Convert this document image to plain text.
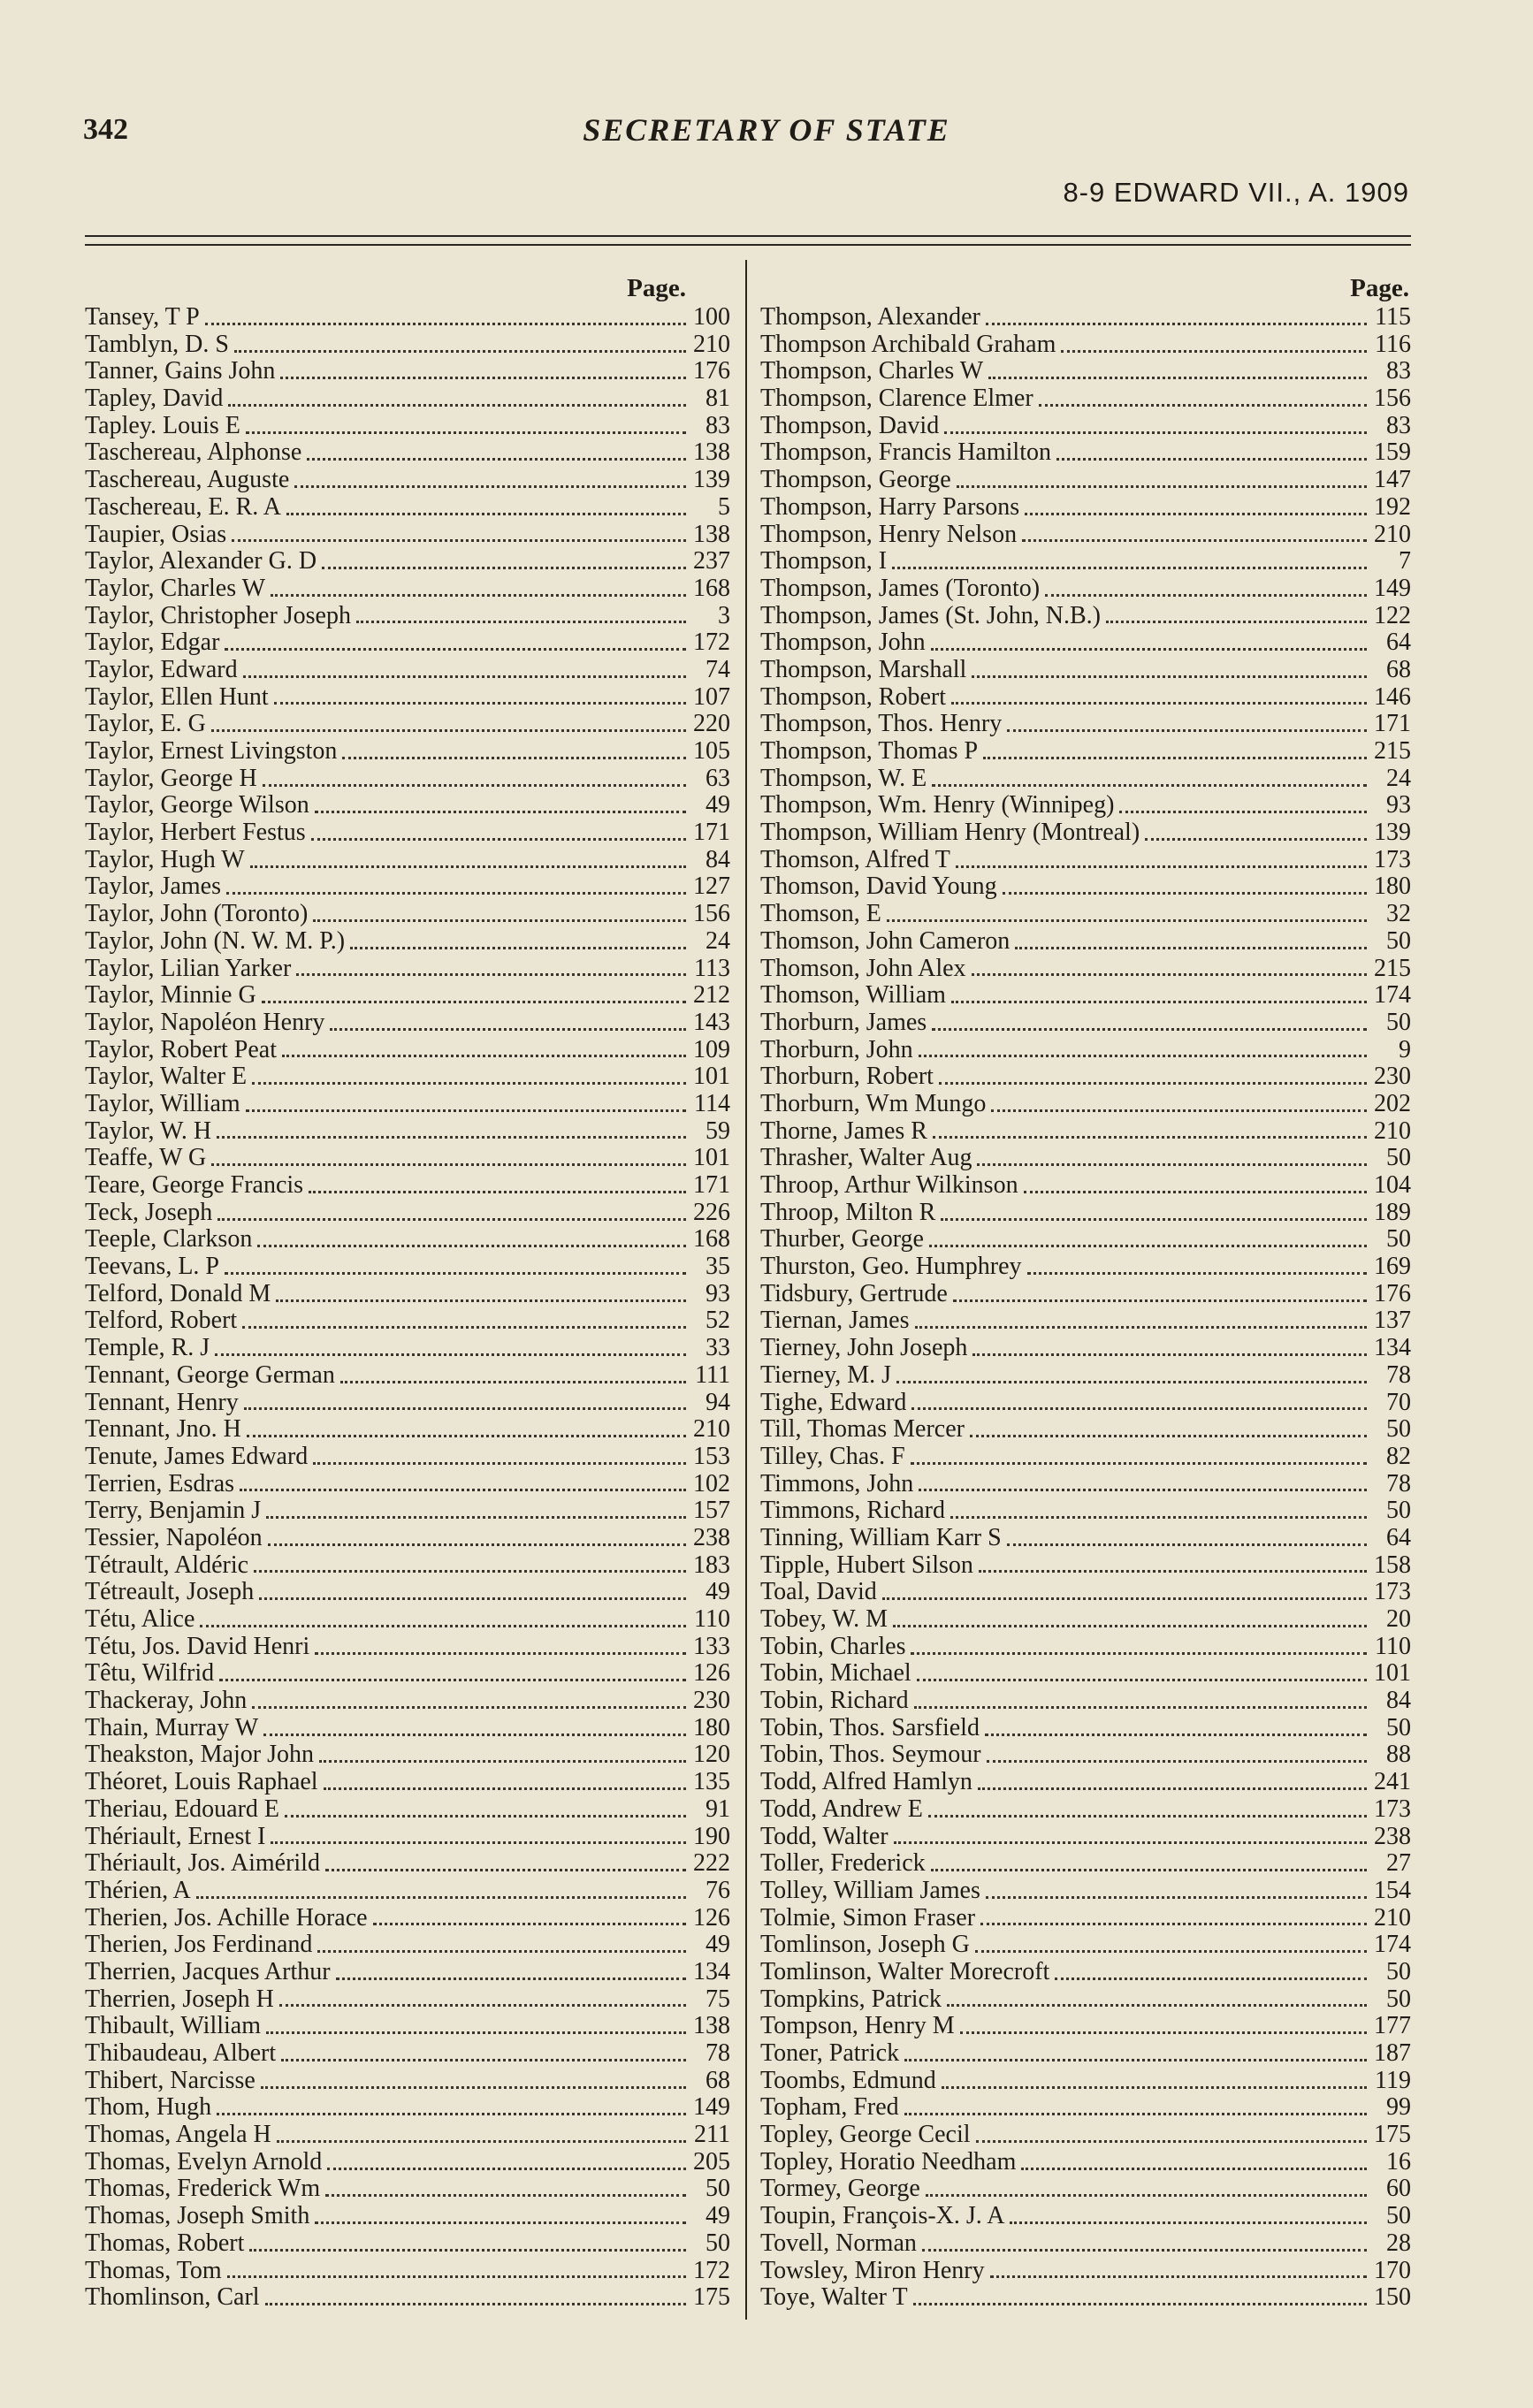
342	SECRETARY OF STATE
8-9 EDWARD VII., A. 1909
Page.
Tansey, T P	100
Tamblyn, D. S	210
Tanner, Gains John	176
Tapley, David	81
Tapley. Louis E	83
Taschereau, Alphonse	138
Taschereau, Auguste	139
Taschereau, E. R. A	5
Taupier, Osias	138
Taylor, Alexander G. D	237
Taylor, Charles W	168
Taylor, Christopher Joseph	3
Taylor, Edgar	172
Taylor, Edward	74
Taylor, Ellen Hunt	107
Taylor, E. G	220
Taylor, Ernest Livingston	105
Taylor, George H	63
Taylor, George Wilson	49
Taylor, Herbert Festus	171
Taylor, Hugh W	84
Taylor, James	127
Taylor, John (Toronto)	156
Taylor, John (N. W. M. P.)	24
Taylor, Lilian Yarker	113
Taylor, Minnie G	212
Taylor, Napoléon Henry	143
Taylor, Robert Peat	109
Taylor, Walter E	101
Taylor, William	114
Taylor, W. H	59
Teaffe, W G	101
Teare, George Francis	171
Teck, Joseph	226
Teeple, Clarkson	168
Teevans, L. P	35
Telford, Donald M	93
Telford, Robert	52
Temple, R. J	33
Tennant, George German	111
Tennant, Henry	94
Tennant, Jno. H	210
Tenute, James Edward	153
Terrien, Esdras	102
Terry, Benjamin J	157
Tessier, Napoléon	238
Tétrault, Aldéric	183
Tétreault, Joseph	49
Tétu, Alice	110
Tétu, Jos. David Henri	133
Têtu, Wilfrid	126
Thackeray, John	230
Thain, Murray W	180
Theakston, Major John	120
Théoret, Louis Raphael	135
Theriau, Edouard E	91
Thériault, Ernest I	190
Thériault, Jos. Aimérild	222
Thérien, A	76
Therien, Jos. Achille Horace	126
Therien, Jos Ferdinand	49
Therrien, Jacques Arthur	134
Therrien, Joseph H	75
Thibault, William	138
Thibaudeau, Albert	78
Thibert, Narcisse	68
Thom, Hugh	149
Thomas, Angela H	211
Thomas, Evelyn Arnold	205
Thomas, Frederick Wm	50
Thomas, Joseph Smith	49
Thomas, Robert	50
Thomas, Tom	172
Thomlinson, Carl	175
Page.
Thompson, Alexander	115
Thompson Archibald Graham	116
Thompson, Charles W	83
Thompson, Clarence Elmer	156
Thompson, David	83
Thompson, Francis Hamilton	159
Thompson, George	147
Thompson, Harry Parsons	192
Thompson, Henry Nelson	210
Thompson, I	7
Thompson, James (Toronto)	149
Thompson, James (St. John, N.B.)	122
Thompson, John	64
Thompson, Marshall	68
Thompson, Robert	146
Thompson, Thos. Henry	171
Thompson, Thomas P	215
Thompson, W. E	24
Thompson, Wm. Henry (Winnipeg)	93
Thompson, William Henry (Montreal)	139
Thomson, Alfred T	173
Thomson, David Young	180
Thomson, E	32
Thomson, John Cameron	50
Thomson, John Alex	215
Thomson, William	174
Thorburn, James	50
Thorburn, John	9
Thorburn, Robert	230
Thorburn, Wm Mungo	202
Thorne, James R	210
Thrasher, Walter Aug	50
Throop, Arthur Wilkinson	104
Throop, Milton R	189
Thurber, George	50
Thurston, Geo. Humphrey	169
Tidsbury, Gertrude	176
Tiernan, James	137
Tierney, John Joseph	134
Tierney, M. J	78
Tighe, Edward	70
Till, Thomas Mercer	50
Tilley, Chas. F	82
Timmons, John	78
Timmons, Richard	50
Tinning, William Karr S	64
Tipple, Hubert Silson	158
Toal, David	173
Tobey, W. M	20
Tobin, Charles	110
Tobin, Michael	101
Tobin, Richard	84
Tobin, Thos. Sarsfield	50
Tobin, Thos. Seymour	88
Todd, Alfred Hamlyn	241
Todd, Andrew E	173
Todd, Walter	238
Toller, Frederick	27
Tolley, William James	154
Tolmie, Simon Fraser	210
Tomlinson, Joseph G	174
Tomlinson, Walter Morecroft	50
Tompkins, Patrick	50
Tompson, Henry M	177
Toner, Patrick	187
Toombs, Edmund	119
Topham, Fred	99
Topley, George Cecil	175
Topley, Horatio Needham	16
Tormey, George	60
Toupin, François-X. J. A	50
Tovell, Norman	28
Towsley, Miron Henry	170
Toye, Walter T	150
